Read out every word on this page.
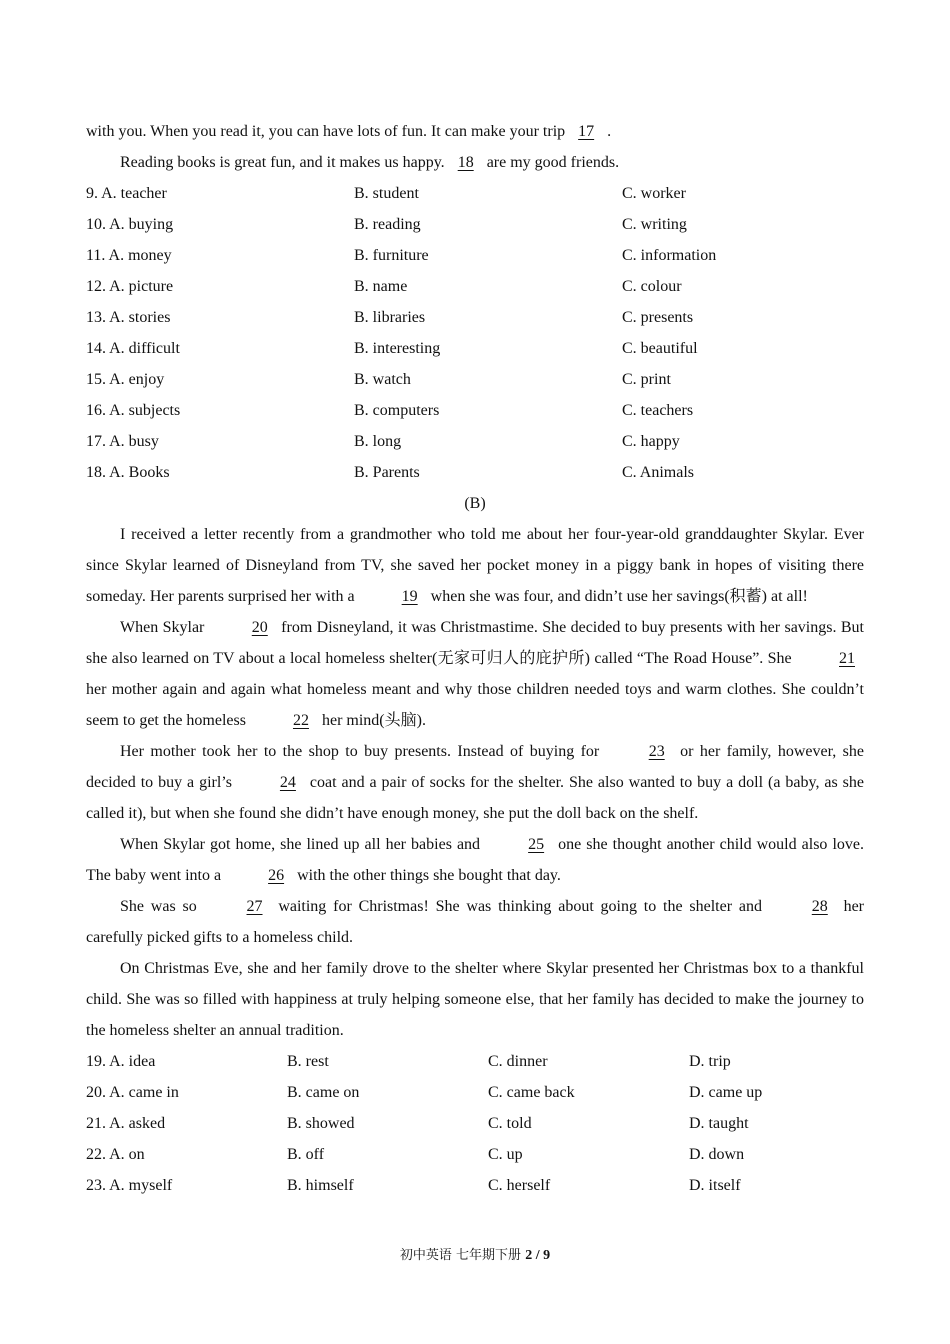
with you. When you read it, you can have lots of fun. It can make your trip 17 .
Reading books is great fun, and it makes us happy. 18 are my good friends.
9. A. teacher	B. student	C. worker
10. A. buying	B. reading	C. writing
11. A. money	B. furniture	C. information
12. A. picture	B. name	C. colour
13. A. stories	B. libraries	C. presents
14. A. difficult	B. interesting	C. beautiful
15. A. enjoy	B. watch	C. print
16. A. subjects	B. computers	C. teachers
17. A. busy	B. long	C. happy
18. A. Books	B. Parents	C. Animals
(B)

I received a letter recently from a grandmother who told me about her four-year-old granddaughter Skylar. Ever since Skylar learned of Disneyland from TV, she saved her pocket money in a piggy bank in hopes of visiting there someday. Her parents surprised her with a	19 when she was four, and didn’t use her savings(积蓄) at all!

When Skylar	20 from Disneyland, it was Christmastime. She decided to buy presents with her savings. But she also learned on TV about a local homeless shelter(无家可归人的庇护所) called “The Road House”. She	21 her mother again and again what homeless meant and why those children needed toys and warm clothes. She couldn’t seem to get the homeless	22 her mind(头脑).

Her mother took her to the shop to buy presents. Instead of buying for	23 or her family, however, she decided to buy a girl’s	24 coat and a pair of socks for the shelter. She also wanted to buy a doll (a baby, as she called it), but when she found she didn’t have enough money, she put the doll back on the shelf.

When Skylar got home, she lined up all her babies and	25 one she thought another child would also love. The baby went into a	26 with the other things she bought that day.

She was so	27 waiting for Christmas! She was thinking about going to the shelter and	28 her carefully picked gifts to a homeless child.

On Christmas Eve, she and her family drove to the shelter where Skylar presented her Christmas box to a thankful child. She was so filled with happiness at truly helping someone else, that her family has decided to make the journey to the homeless shelter an annual tradition.

19. A. idea	B. rest	C. dinner	D. trip
20. A. came in	B. came on	C. came back	D. came up
21. A. asked	B. showed	C. told	D. taught
22. A. on	B. off	C. up	D. down
23. A. myself	B. himself	C. herself	D. itself
初中英语 七年期下册 2 / 9
